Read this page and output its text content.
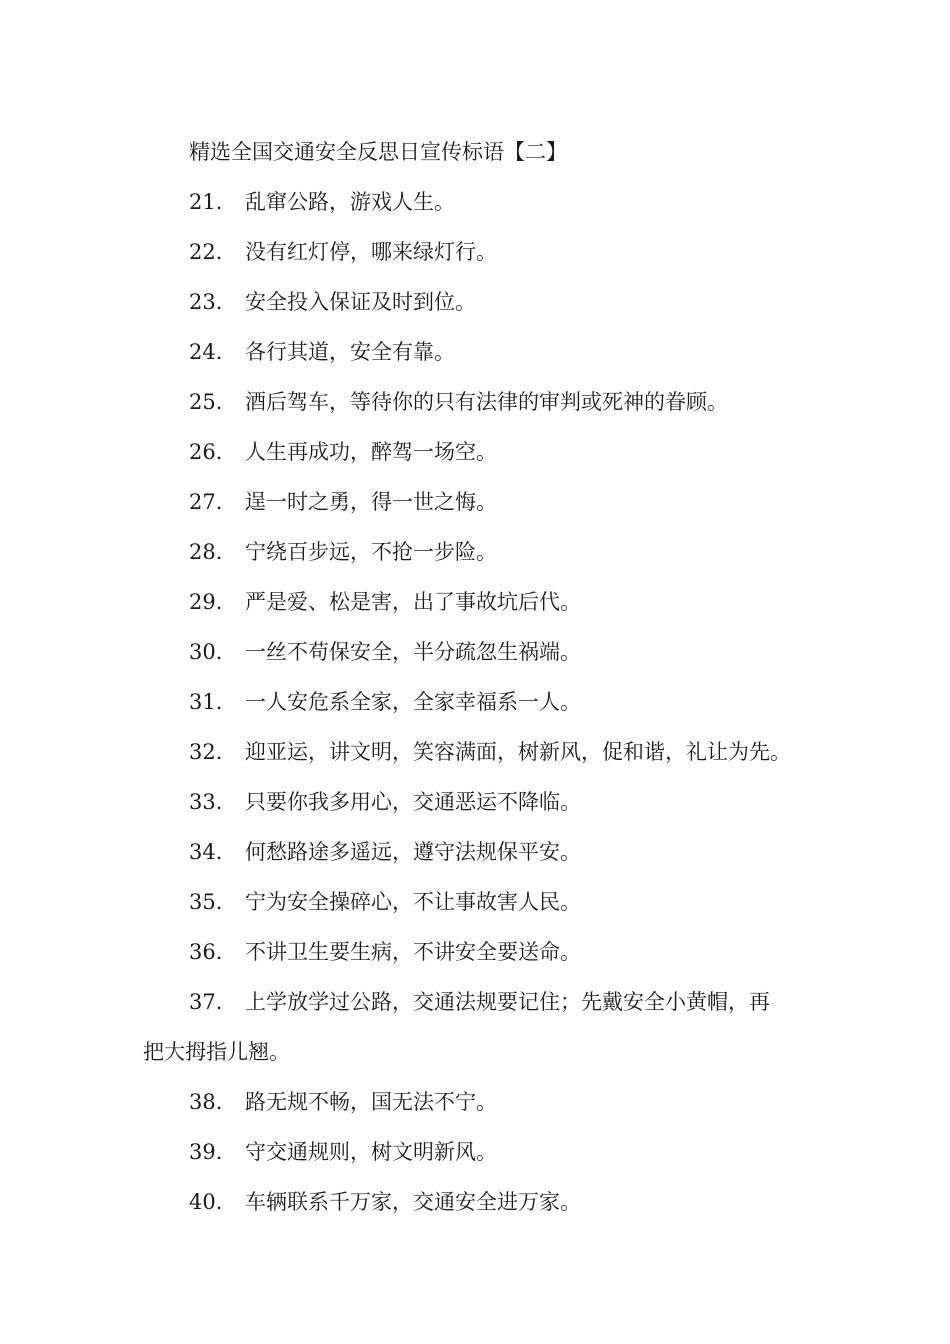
精选全国交通安全反思日宣传标语【二】
21. 乱窜公路，游戏人生。
22. 没有红灯停，哪来绿灯行。
23. 安全投入保证及时到位。
24. 各行其道，安全有靠。
25. 酒后驾车，等待你的只有法律的审判或死神的眷顾。
26. 人生再成功，醉驾一场空。
27. 逞一时之勇，得一世之悔。
28. 宁绕百步远，不抢一步险。
29. 严是爱、松是害，出了事故坑后代。
30. 一丝不苟保安全，半分疏忽生祸端。
31. 一人安危系全家，全家幸福系一人。
32. 迎亚运，讲文明，笑容满面，树新风，促和谐，礼让为先。
33. 只要你我多用心，交通恶运不降临。
34. 何愁路途多遥远，遵守法规保平安。
35. 宁为安全操碎心，不让事故害人民。
36. 不讲卫生要生病，不讲安全要送命。
37. 上学放学过公路，交通法规要记住；先戴安全小黄帽，再
把大拇指儿翘。
38. 路无规不畅，国无法不宁。
39. 守交通规则，树文明新风。
40. 车辆联系千万家，交通安全进万家。
